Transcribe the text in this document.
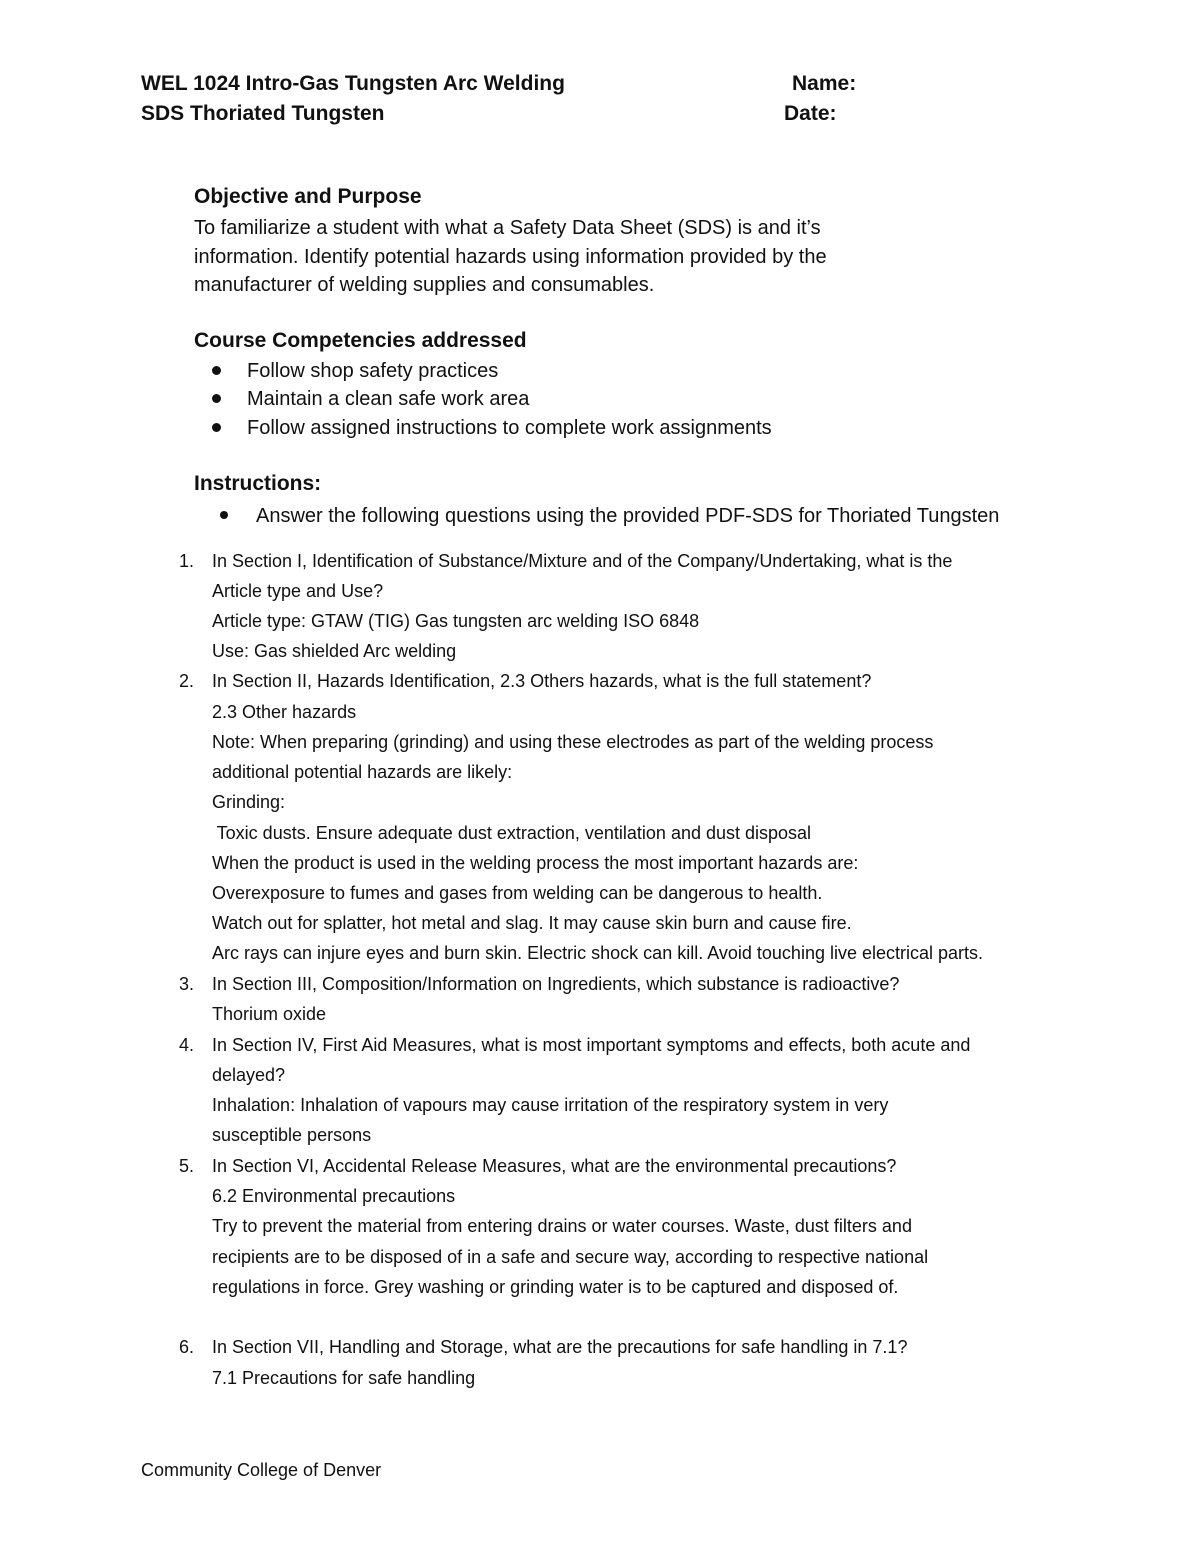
WEL 1024 Intro-Gas Tungsten Arc Welding
SDS Thoriated Tungsten
Name:
Date:
Objective and Purpose
To familiarize a student with what a Safety Data Sheet (SDS) is and it’s
information. Identify potential hazards using information provided by the
manufacturer of welding supplies and consumables.
Course Competencies addressed
Follow shop safety practices
Maintain a clean safe work area
Follow assigned instructions to complete work assignments
Instructions:
Answer the following questions using the provided PDF-SDS for Thoriated Tungsten
1. In Section I, Identification of Substance/Mixture and of the Company/Undertaking, what is the
Article type and Use?
Article type: GTAW (TIG) Gas tungsten arc welding ISO 6848
Use: Gas shielded Arc welding
2. In Section II, Hazards Identification, 2.3 Others hazards, what is the full statement?
2.3 Other hazards
Note: When preparing (grinding) and using these electrodes as part of the welding process
additional potential hazards are likely:
Grinding:
Toxic dusts. Ensure adequate dust extraction, ventilation and dust disposal
When the product is used in the welding process the most important hazards are:
Overexposure to fumes and gases from welding can be dangerous to health.
Watch out for splatter, hot metal and slag. It may cause skin burn and cause fire.
Arc rays can injure eyes and burn skin. Electric shock can kill. Avoid touching live electrical parts.
3. In Section III, Composition/Information on Ingredients, which substance is radioactive?
Thorium oxide
4. In Section IV, First Aid Measures, what is most important symptoms and effects, both acute and
delayed?
Inhalation: Inhalation of vapours may cause irritation of the respiratory system in very
susceptible persons
5. In Section VI, Accidental Release Measures, what are the environmental precautions?
6.2 Environmental precautions
Try to prevent the material from entering drains or water courses. Waste, dust filters and
recipients are to be disposed of in a safe and secure way, according to respective national
regulations in force. Grey washing or grinding water is to be captured and disposed of.
6. In Section VII, Handling and Storage, what are the precautions for safe handling in 7.1?
7.1 Precautions for safe handling
Community College of Denver
